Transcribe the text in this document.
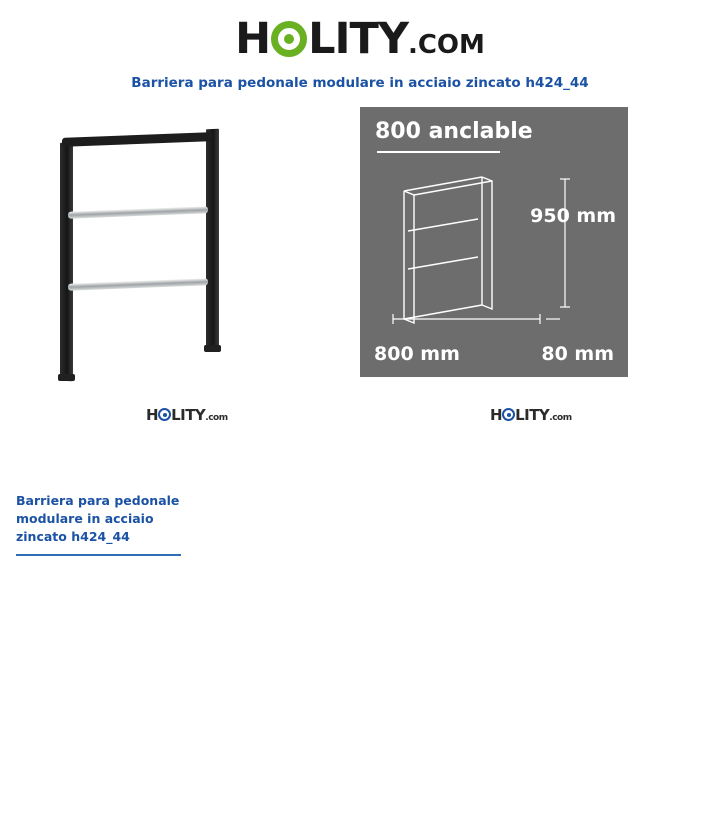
H LITY.COM
Barriera para pedonale modulare in acciaio zincato h424_44
800 anclable
950 mm
800 mm	80 mm
H LITY.com	H LITY.com
Barriera para pedonale modulare in acciaio zincato h424_44
